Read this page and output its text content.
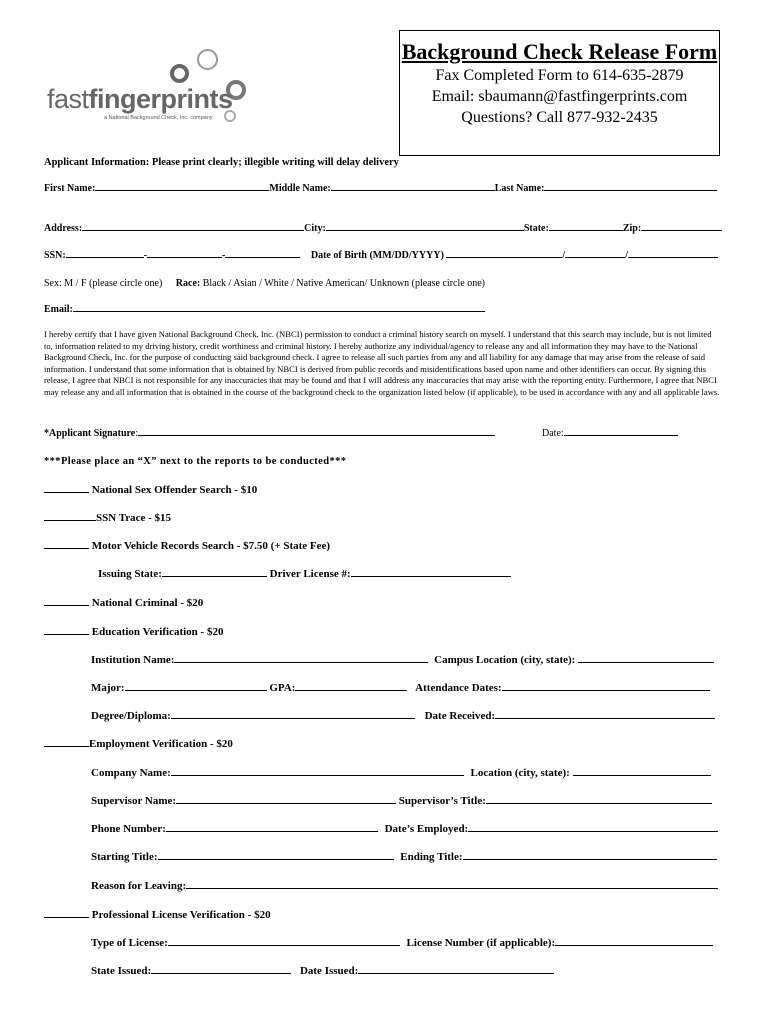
fastfingerprints
a National Background Check, Inc. company
Background Check Release Form
Fax Completed Form to 614-635-2879
Email: sbaumann@fastfingerprints.com
Questions? Call 877-932-2435
Applicant Information: Please print clearly; illegible writing will delay delivery
First Name:	Middle Name:	Last Name:
Address:	City:	State:	Zip:
SSN:	-	-	Date of Birth (MM/DD/YYYY)	/	/
Sex: M / F (please circle one) Race: Black / Asian / White / Native American/ Unknown (please circle one)
Email:
I hereby certify that I have given National Background Check, Inc. (NBCI) permission to conduct a criminal history search on myself. I understand that this search may include, but is not limited to, information related to my driving history, credit worthiness and criminal history. I hereby authorize any individual/agency to release any and all information they may have to the National Background Check, Inc. for the purpose of conducting said background check. I agree to release all such parties from any and all liability for any damage that may arise from the release of said information. I understand that some information that is obtained by NBCI is derived from public records and misidentifications based upon name and other identifiers can occur. By signing this release, I agree that NBCI is not responsible for any inaccuracies that may be found and that I will address any inaccuracies that may arise with the reporting entity. Furthermore, I agree that NBCI may release any and all information that is obtained in the course of the background check to the organization listed below (if applicable), to be used in accordance with any and all applicable laws.
*Applicant Signature:	Date:
***Please place an “X” next to the reports to be conducted***
National Sex Offender Search - $10
SSN Trace - $15
Motor Vehicle Records Search - $7.50 (+ State Fee)
Issuing State:	Driver License #:
National Criminal - $20
Education Verification - $20
Institution Name:	Campus Location (city, state):
Major:	GPA:	Attendance Dates:
Degree/Diploma:	Date Received:
Employment Verification - $20
Company Name:	Location (city, state):
Supervisor Name:	Supervisor’s Title:
Phone Number:	Date’s Employed:
Starting Title:	Ending Title:
Reason for Leaving:
Professional License Verification - $20
Type of License:	License Number (if applicable):
State Issued:	Date Issued:
